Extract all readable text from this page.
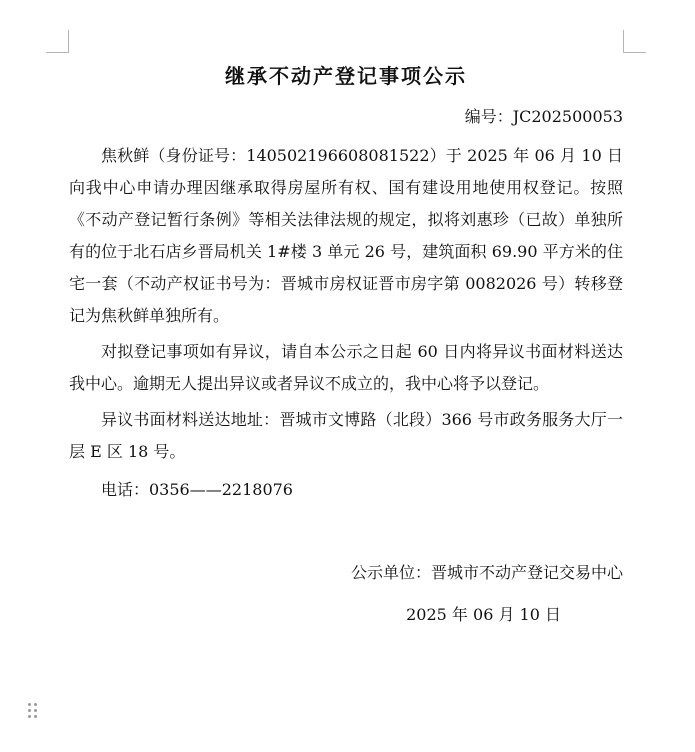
继承不动产登记事项公示
编号：JC202500053

焦秋鲜（身份证号：140502196608081522）于 2025 年 06 月 10 日向我中心申请办理因继承取得房屋所有权、国有建设用地使用权登记。按照《不动产登记暂行条例》等相关法律法规的规定，拟将刘惠珍（已故）单独所有的位于北石店乡晋局机关 1#楼 3 单元 26 号，建筑面积 69.90 平方米的住宅一套（不动产权证书号为：晋城市房权证晋市房字第 0082026 号）转移登记为焦秋鲜单独所有。

对拟登记事项如有异议，请自本公示之日起 60 日内将异议书面材料送达我中心。逾期无人提出异议或者异议不成立的，我中心将予以登记。

异议书面材料送达地址：晋城市文博路（北段）366 号市政务服务大厅一层 E 区 18 号。

电话：0356——2218076

公示单位：晋城市不动产登记交易中心
2025 年 06 月 10 日
